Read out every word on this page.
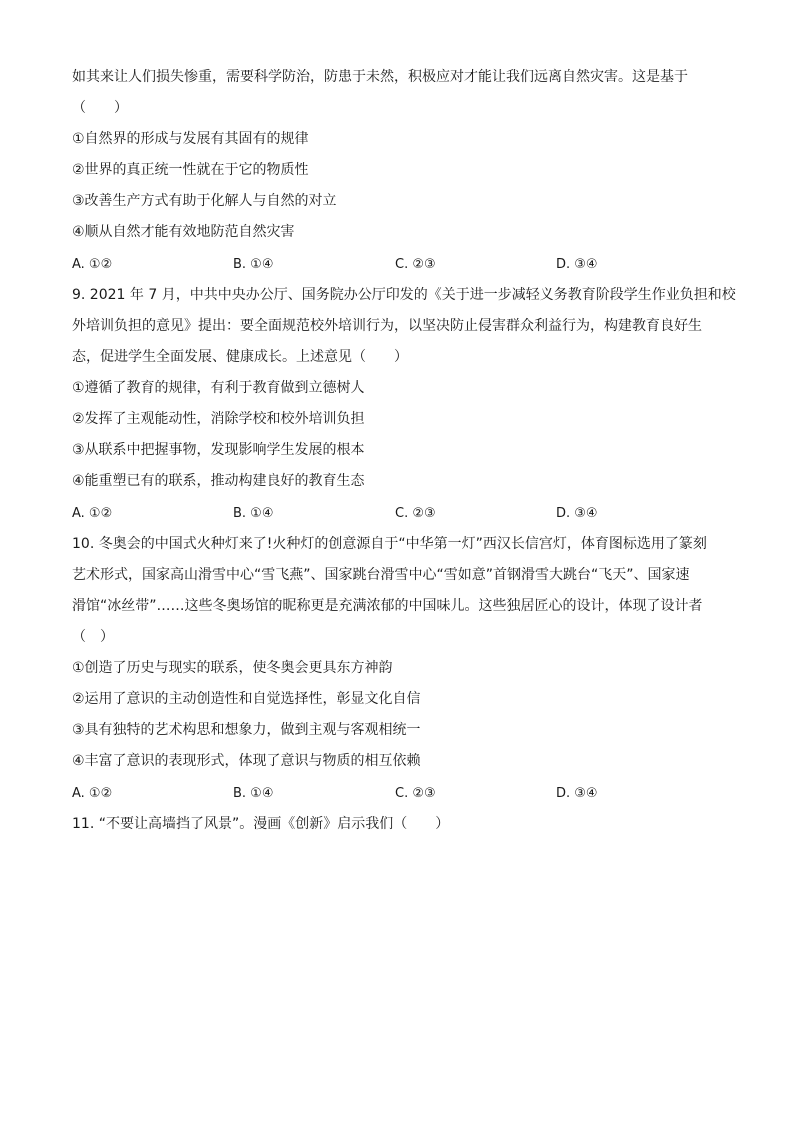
如其来让人们损失惨重，需要科学防治，防患于未然，积极应对才能让我们远离自然灾害。这是基于
（　　）
①自然界的形成与发展有其固有的规律
②世界的真正统一性就在于它的物质性
③改善生产方式有助于化解人与自然的对立
④顺从自然才能有效地防范自然灾害
A. ①②	B. ①④	C. ②③	D. ③④
9. 2021 年 7 月，中共中央办公厅、国务院办公厅印发的《关于进一步减轻义务教育阶段学生作业负担和校
外培训负担的意见》提出：要全面规范校外培训行为，以坚决防止侵害群众利益行为，构建教育良好生
态，促进学生全面发展、健康成长。上述意见（　　）
①遵循了教育的规律，有利于教育做到立德树人
②发挥了主观能动性，消除学校和校外培训负担
③从联系中把握事物，发现影响学生发展的根本
④能重塑已有的联系，推动构建良好的教育生态
A. ①②	B. ①④	C. ②③	D. ③④
10. 冬奥会的中国式火种灯来了!火种灯的创意源自于“中华第一灯”西汉长信宫灯，体育图标选用了篆刻
艺术形式，国家高山滑雪中心“雪飞燕”、国家跳台滑雪中心“雪如意”首钢滑雪大跳台“飞天”、国家速
滑馆“冰丝带”……这些冬奥场馆的昵称更是充满浓郁的中国味儿。这些独居匠心的设计，体现了设计者
（　）
①创造了历史与现实的联系，使冬奥会更具东方神韵
②运用了意识的主动创造性和自觉选择性，彰显文化自信
③具有独特的艺术构思和想象力，做到主观与客观相统一
④丰富了意识的表现形式，体现了意识与物质的相互依赖
A. ①②	B. ①④	C. ②③	D. ③④
11. “不要让高墙挡了风景”。漫画《创新》启示我们（　　）
